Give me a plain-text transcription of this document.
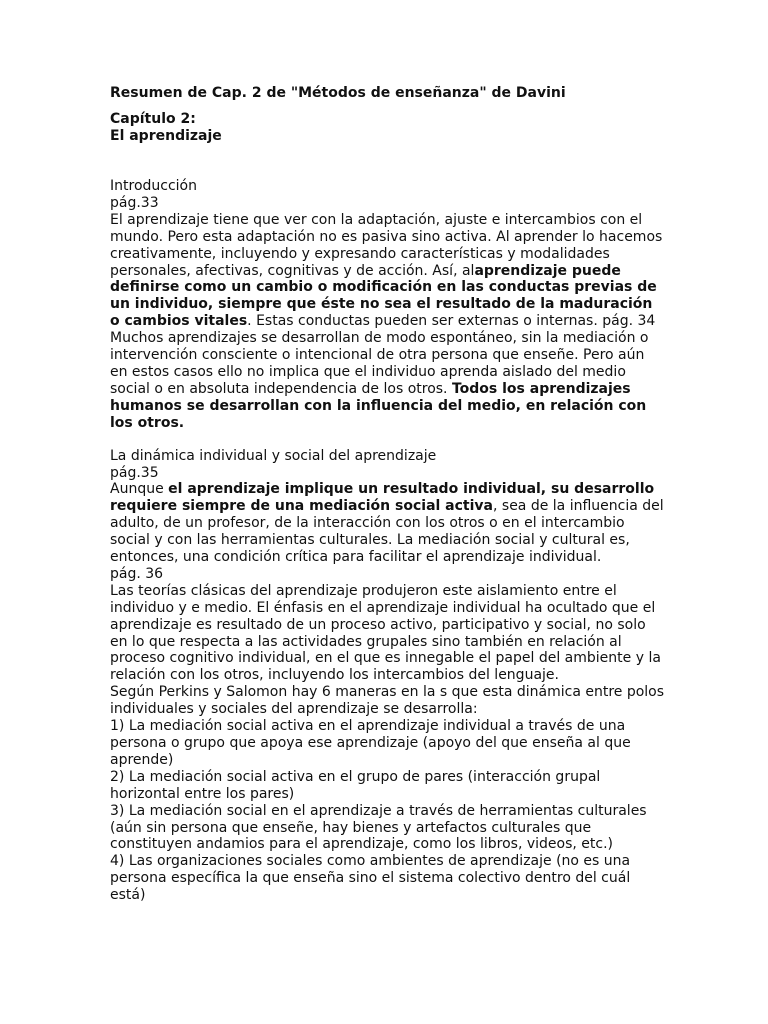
Resumen de Cap. 2 de "Métodos de enseñanza" de Davini

Capítulo 2:

El aprendizaje

Introducción

pág.33

El aprendizaje tiene que ver con la adaptación, ajuste e intercambios con el mundo. Pero esta adaptación no es pasiva sino activa. Al aprender lo hacemos creativamente, incluyendo y expresando características y modalidades personales, afectivas, cognitivas y de acción. Así, alaprendizaje puede definirse como un cambio o modificación en las conductas previas de un individuo, siempre que éste no sea el resultado de la maduración o cambios vitales. Estas conductas pueden ser externas o internas. pág. 34

Muchos aprendizajes se desarrollan de modo espontáneo, sin la mediación o intervención consciente o intencional de otra persona que enseñe. Pero aún en estos casos ello no implica que el individuo aprenda aislado del medio social o en absoluta independencia de los otros. Todos los aprendizajes humanos se desarrollan con la influencia del medio, en relación con los otros.

La dinámica individual y social del aprendizaje

pág.35

Aunque el aprendizaje implique un resultado individual, su desarrollo requiere siempre de una mediación social activa, sea de la influencia del adulto, de un profesor, de la interacción con los otros o en el intercambio social y con las herramientas culturales. La mediación social y cultural es, entonces, una condición crítica para facilitar el aprendizaje individual.

pág. 36

Las teorías clásicas del aprendizaje produjeron este aislamiento entre el individuo y e medio. El énfasis en el aprendizaje individual ha ocultado que el aprendizaje es resultado de un proceso activo, participativo y social, no solo en lo que respecta a las actividades grupales sino también en relación al proceso cognitivo individual, en el que es innegable el papel del ambiente y la relación con los otros, incluyendo los intercambios del lenguaje.

Según Perkins y Salomon hay 6 maneras en la s que esta dinámica entre polos individuales y sociales del aprendizaje se desarrolla:

1) La mediación social activa en el aprendizaje individual a través de una persona o grupo que apoya ese aprendizaje (apoyo del que enseña al que aprende)

2) La mediación social activa en el grupo de pares (interacción grupal horizontal entre los pares)

3) La mediación social en el aprendizaje a través de herramientas culturales (aún sin persona que enseñe, hay bienes y artefactos culturales que constituyen andamios para el aprendizaje, como los libros, videos, etc.)

4) Las organizaciones sociales como ambientes de aprendizaje (no es una persona específica la que enseña sino el sistema colectivo dentro del cuál está)
